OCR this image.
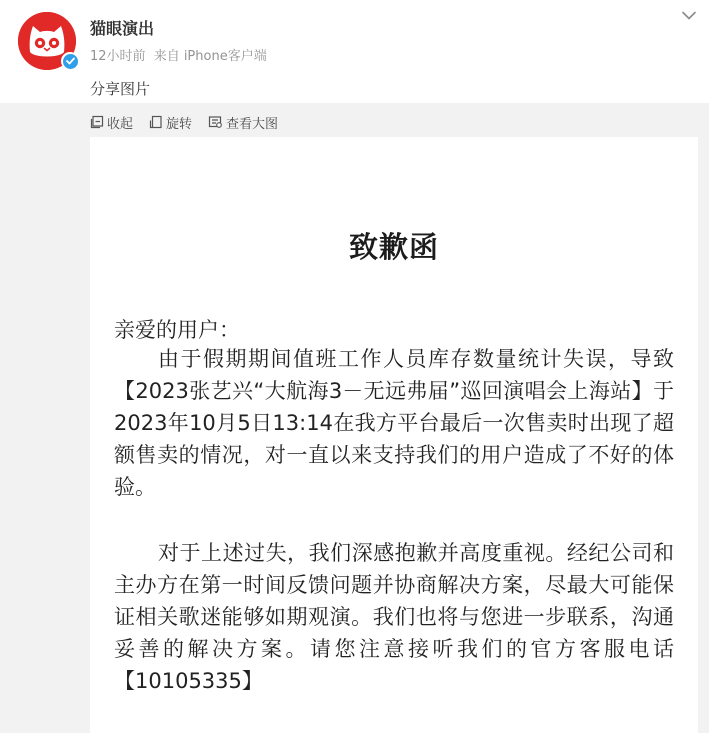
猫眼演出
12小时前 来自 iPhone客户端
分享图片
收起	旋转	查看大图
致歉函
亲爱的用户：
由于假期期间值班工作人员库存数量统计失误，导致【2023张艺兴“大航海3－无远弗届”巡回演唱会上海站】于2023年10月5日13:14在我方平台最后一次售卖时出现了超额售卖的情况，对一直以来支持我们的用户造成了不好的体验。
对于上述过失，我们深感抱歉并高度重视。经纪公司和主办方在第一时间反馈问题并协商解决方案，尽最大可能保证相关歌迷能够如期观演。我们也将与您进一步联系，沟通妥善的解决方案。请您注意接听我们的官方客服电话【10105335】
